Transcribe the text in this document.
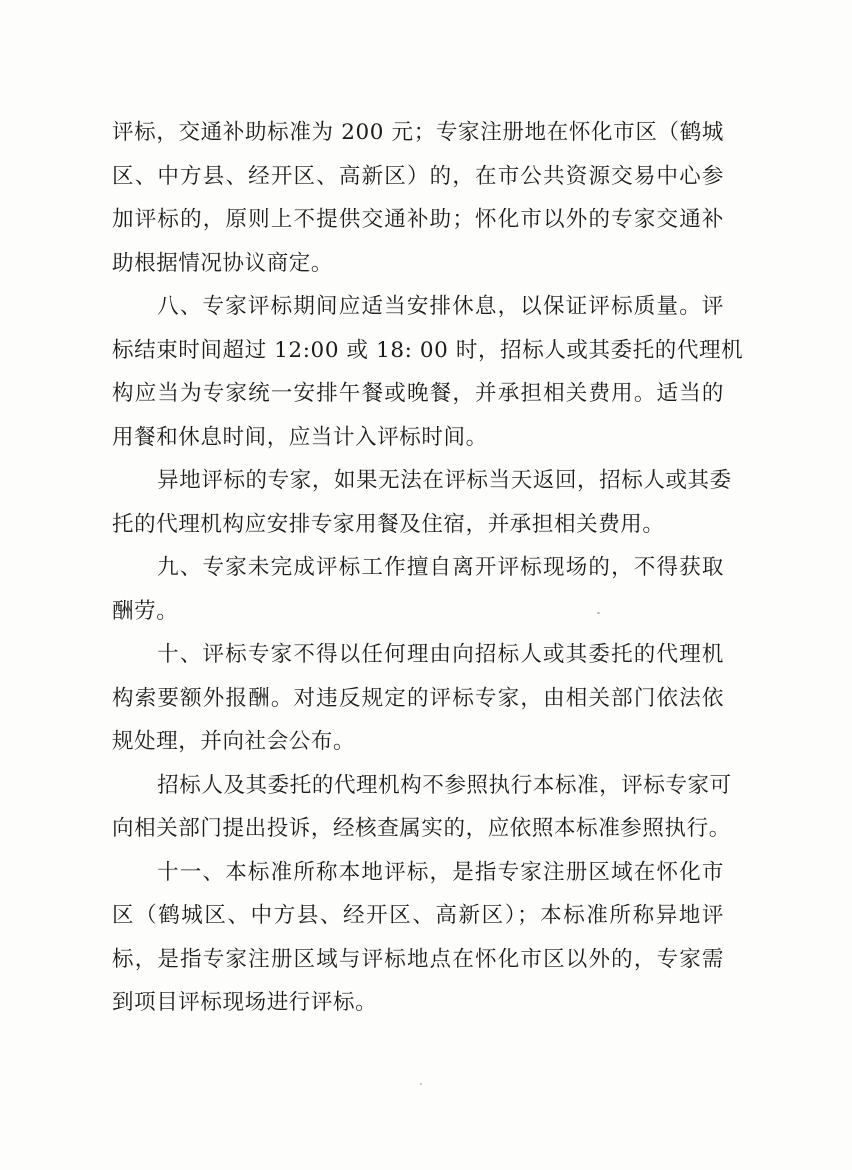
评标，交通补助标准为 200 元；专家注册地在怀化市区（鹤城
区、中方县、经开区、高新区）的，在市公共资源交易中心参
加评标的，原则上不提供交通补助；怀化市以外的专家交通补
助根据情况协议商定。
八、专家评标期间应适当安排休息，以保证评标质量。评
标结束时间超过 12:00 或 18: 00 时，招标人或其委托的代理机
构应当为专家统一安排午餐或晚餐，并承担相关费用。适当的
用餐和休息时间，应当计入评标时间。
异地评标的专家，如果无法在评标当天返回，招标人或其委
托的代理机构应安排专家用餐及住宿，并承担相关费用。
九、专家未完成评标工作擅自离开评标现场的，不得获取
酬劳。
十、评标专家不得以任何理由向招标人或其委托的代理机
构索要额外报酬。对违反规定的评标专家，由相关部门依法依
规处理，并向社会公布。
招标人及其委托的代理机构不参照执行本标准，评标专家可
向相关部门提出投诉，经核查属实的，应依照本标准参照执行。
十一、本标准所称本地评标，是指专家注册区域在怀化市
区（鹤城区、中方县、经开区、高新区）；本标准所称异地评
标，是指专家注册区域与评标地点在怀化市区以外的，专家需
到项目评标现场进行评标。
